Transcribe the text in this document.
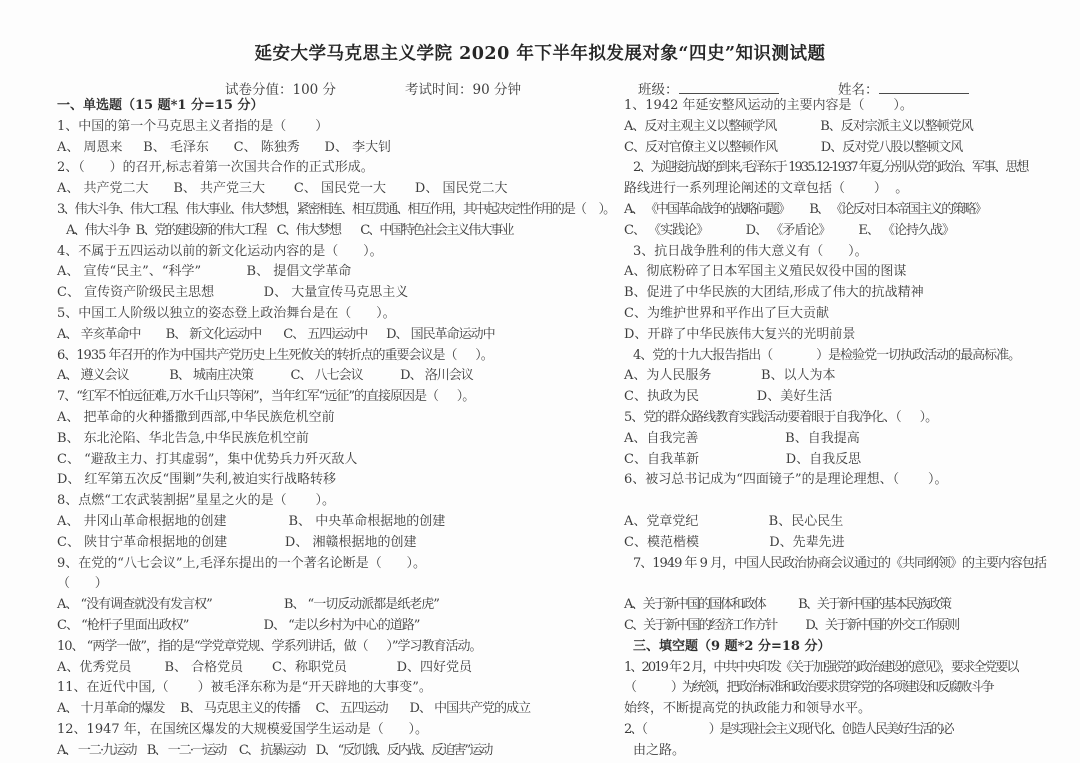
延安大学马克思主义学院 2020 年下半年拟发展对象“四史”知识测试题
试卷分值：100 分	考试时间：90 分钟	班级：	姓名：
一、单选题（15 题*1 分=15 分）
1、中国的第一个马克思主义者指的是（       ）
A、 周恩来     B、 毛泽东      C、 陈独秀      D、 李大钊
2、（      ）的召开,标志着第一次国共合作的正式形成。
A、 共产党二大      B、 共产党三大       C、 国民党一大       D、 国民党二大
3、伟大斗争、伟大工程、伟大事业、伟大梦想，紧密相连、相互贯通、相互作用，其中起决定性作用的是（      ）。
A、伟大斗争   B、党的建设新的伟大工程     C、伟大梦想         C、中国特色社会主义伟大事业
4、不属于五四运动以前的新文化运动内容的是（      ）。
A、 宣传“民主”、“科学”           B、 提倡文学革命
C、 宣传资产阶级民主思想            D、 大量宣传马克思主义
5、中国工人阶级以独立的姿态登上政治舞台是在（      ）。
A、 辛亥革命中        B、 新文化运动中       C、 五四运动中      D、 国民革命运动中
6、1935 年召开的作为中国共产党历史上生死攸关的转折点的重要会议是（      ）。
A、 遵义会议             B、 城南庄决策            C、 八七会议            D、 洛川会议
7、“红军不怕远征难,万水千山只等闲”，当年红军“远征”的直接原因是（      ）。
A、 把革命的火种播撒到西部,中华民族危机空前
B、 东北沦陷、华北告急,中华民族危机空前
C、 “避敌主力、打其虚弱”，集中优势兵力歼灭敌人
D、 红军第五次反“围剿”失利,被迫实行战略转移
8、点燃“工农武装割据”星星之火的是（       ）。
A、 井冈山革命根据地的创建               B、 中央革命根据地的创建
C、 陕甘宁革命根据地的创建              D、 湘赣根据地的创建
9、在党的“八七会议”上,毛泽东提出的一个著名论断是（      ）。
（      ）
A、 “没有调查就没有发言权”                       B、 “一切反动派都是纸老虎”
C、 “枪杆子里面出政权”                        D、 “走以乡村为中心的道路”
10、 “两学一做”，指的是“学党章党规、学系列讲话，做（      ）”学习教育活动。
A、优秀党员        B、 合格党员       C、称职党员            D、四好党员
11、在近代中国,（       ）被毛泽东称为是“开天辟地的大事变”。
A、 十月革命的爆发     B、 马克思主义的传播     C、 五四运动       D、 中国共产党的成立
12、1947 年，在国统区爆发的大规模爱国学生运动是（      ）。
A、 一二·九运动     B、 一二·一运动      C、 抗暴运动     D、 “反饥饿、反内战、反迫害”运动
1、1942 年延安整风运动的主要内容是（       ）。
A、反对主观主义以整顿学风              B、反对宗派主义以整顿党风
C、反对官僚主义以整顿作风              D、反对党八股以整顿文风
2、为迎接抗战的到来,毛泽东于 1935.12-1937 年夏,分别从党的政治、军事、思想
路线进行一系列理论阐述的文章包括（       ）  。
A、 《中国革命战争的战略问题》         B、 《论反对日本帝国主义的策略》
C、 《实践论》            D、 《矛盾论》         E、 《论持久战》
3、抗日战争胜利的伟大意义有（      ）。
A、彻底粉碎了日本军国主义殖民奴役中国的图谋
B、促进了中华民族的大团结,形成了伟大的抗战精神
C、为维护世界和平作出了巨大贡献
D、开辟了中华民族伟大复兴的光明前景
4、党的十九大报告指出（              ）是检验党一切执政活动的最高标准。
A、为人民服务            B、以人为本
C、执政为民              D、美好生活
5、党的群众路线教育实践活动要着眼于自我净化、（      ）。
A、自我完善                     B、自我提高
C、自我革新                     D、自我反思
6、被习总书记成为“四面镜子”的是理论理想、（       ）。
A、党章党纪                 B、民心民生
C、模范楷模                 D、先辈先进
7、1949 年 9 月，中国人民政治协商会议通过的《共同纲领》的主要内容包括
A、关于新中国的国体和政体               B、关于新中国的基本民族政策
C、关于新中国的经济工作方针             D、关于新中国的外交工作原则
三、填空题（9 题*2 分=18 分）
1、2019 年 2 月，中共中央印发《关于加强党的政治建设的意见》，要求全党要以
（                ）为统领，把政治标准和政治要求贯穿党的各项建设和反腐败斗争
始终，不断提高党的执政能力和领导水平。
2、（                            ）是实现社会主义现代化、创造人民美好生活的必
由之路。
